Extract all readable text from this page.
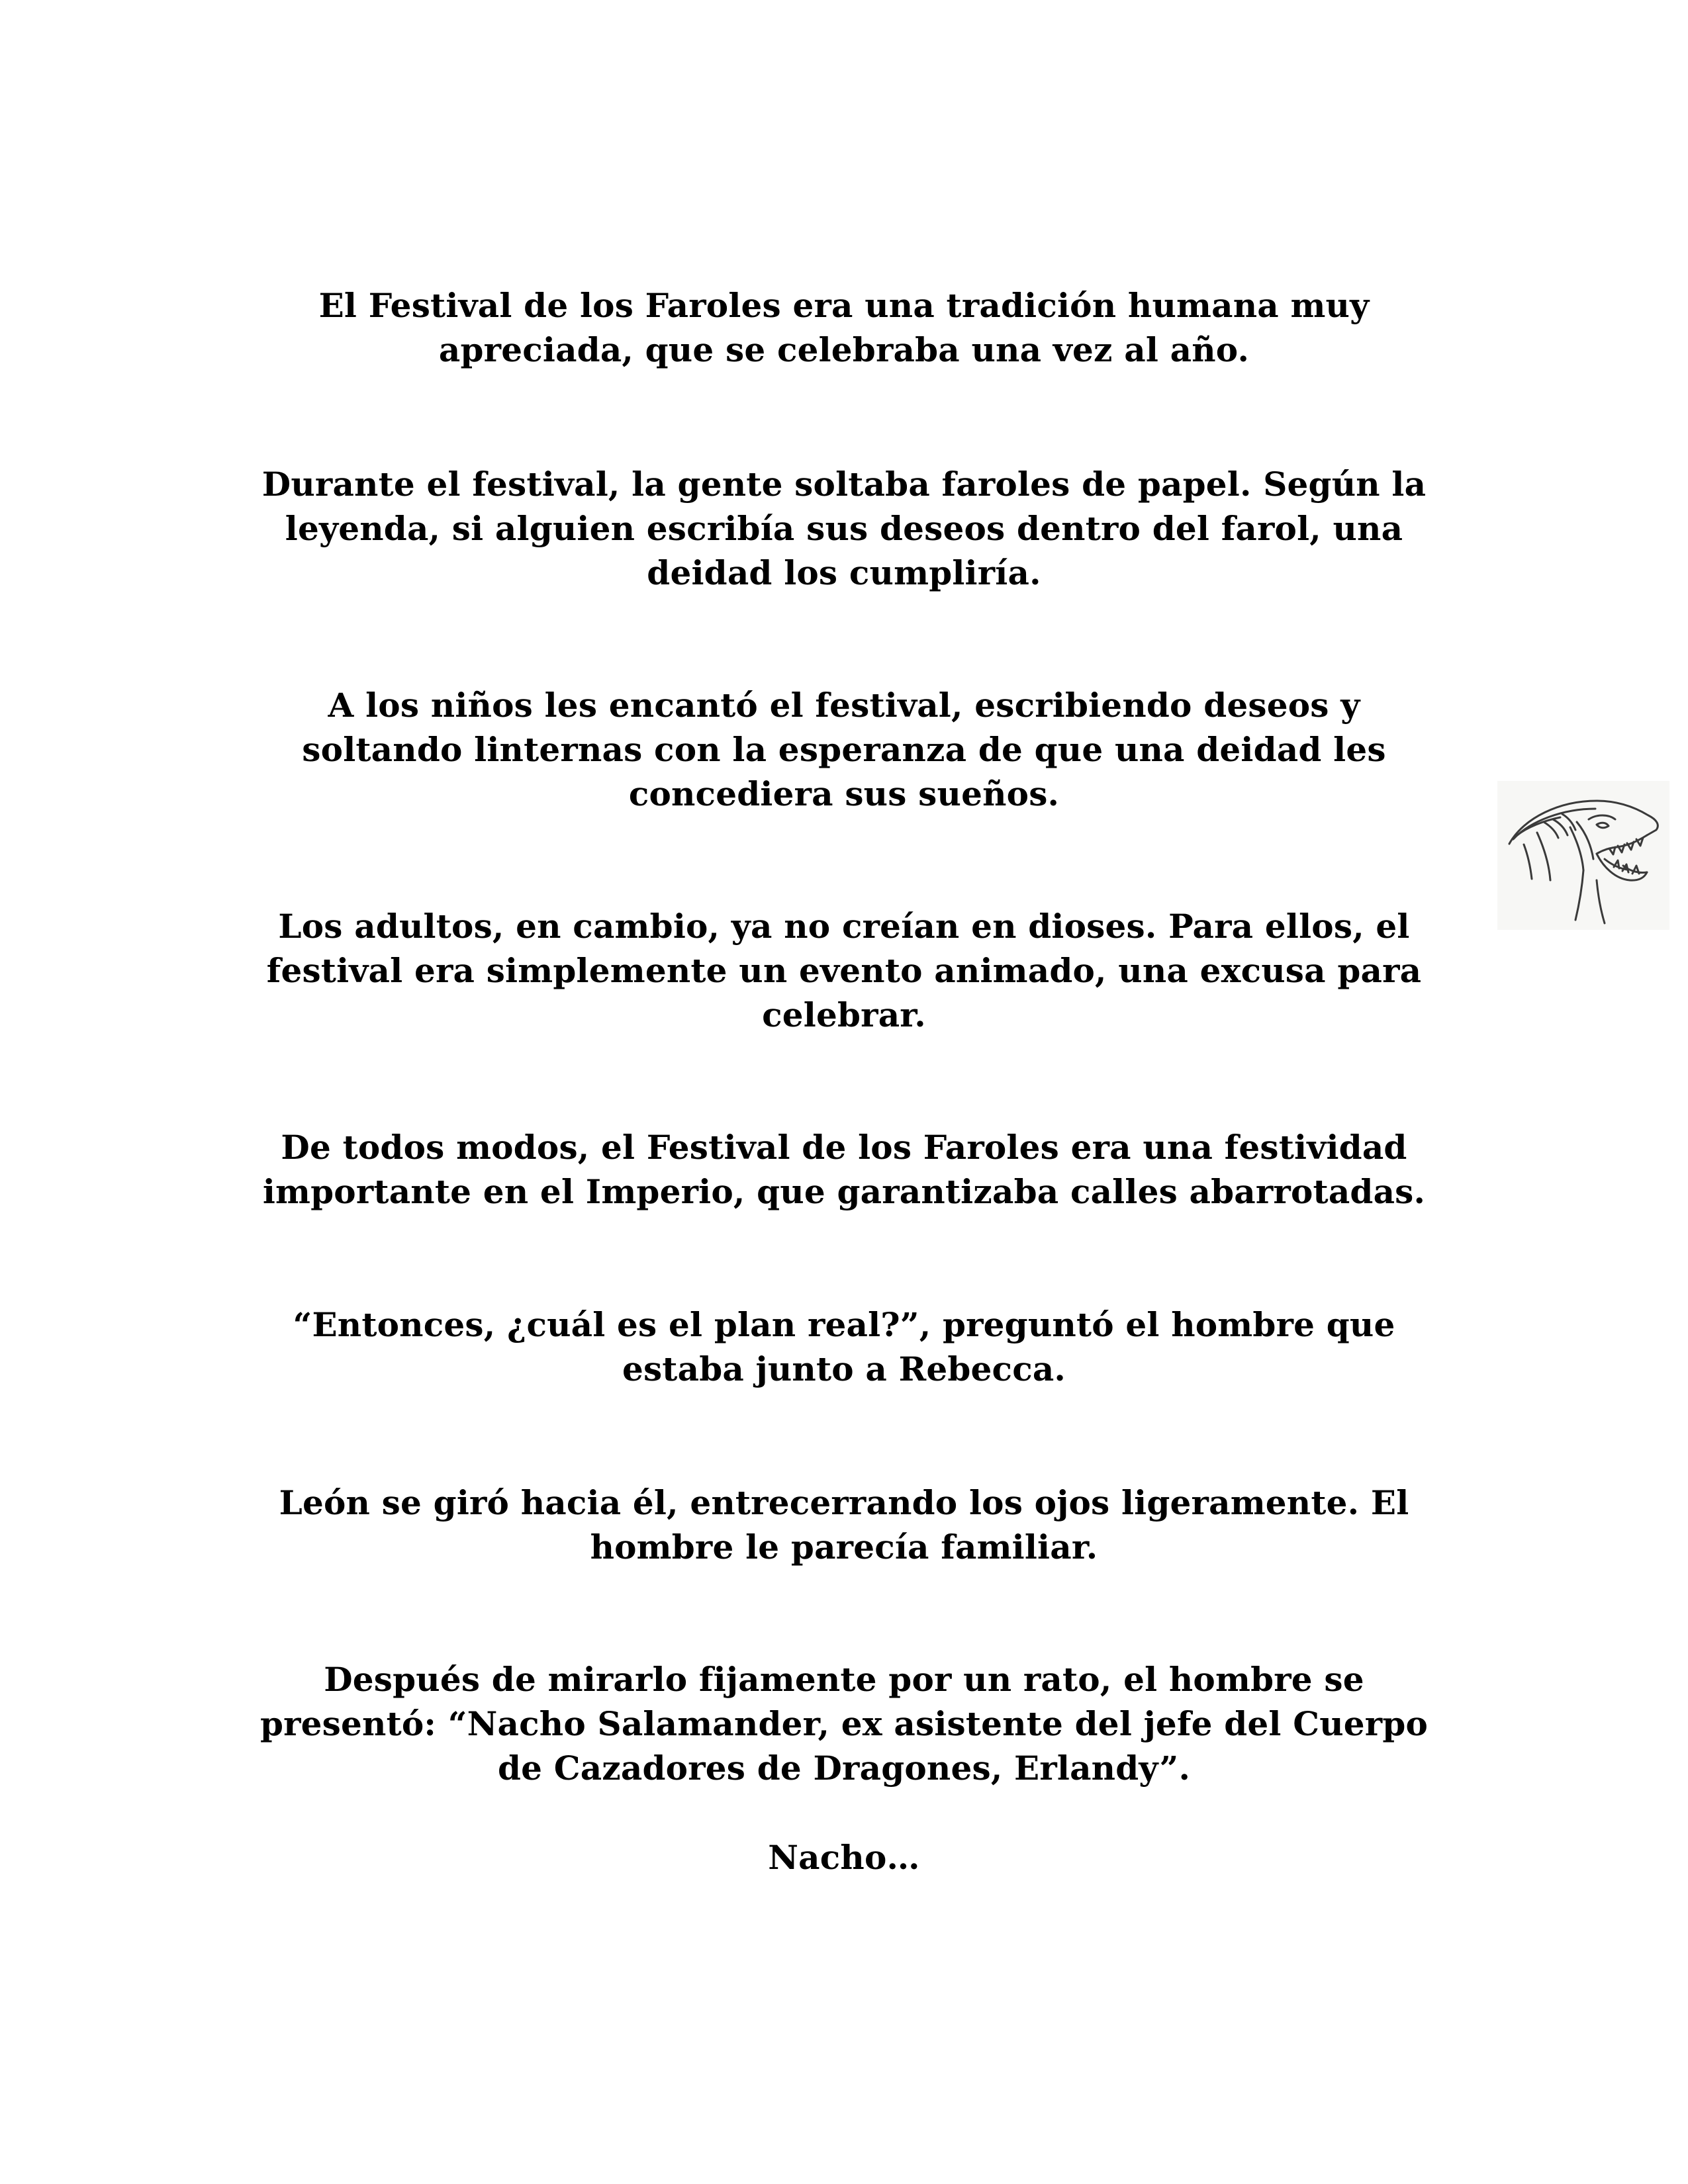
El Festival de los Faroles era una tradición humana muy
apreciada, que se celebraba una vez al año.

Durante el festival, la gente soltaba faroles de papel. Según la
leyenda, si alguien escribía sus deseos dentro del farol, una
deidad los cumpliría.

A los niños les encantó el festival, escribiendo deseos y
soltando linternas con la esperanza de que una deidad les
concediera sus sueños.

Los adultos, en cambio, ya no creían en dioses. Para ellos, el
festival era simplemente un evento animado, una excusa para
celebrar.

De todos modos, el Festival de los Faroles era una festividad
importante en el Imperio, que garantizaba calles abarrotadas.

“Entonces, ¿cuál es el plan real?”, preguntó el hombre que
estaba junto a Rebecca.

León se giró hacia él, entrecerrando los ojos ligeramente. El
hombre le parecía familiar.

Después de mirarlo fijamente por un rato, el hombre se
presentó: “Nacho Salamander, ex asistente del jefe del Cuerpo
de Cazadores de Dragones, Erlandy”.

Nacho…
